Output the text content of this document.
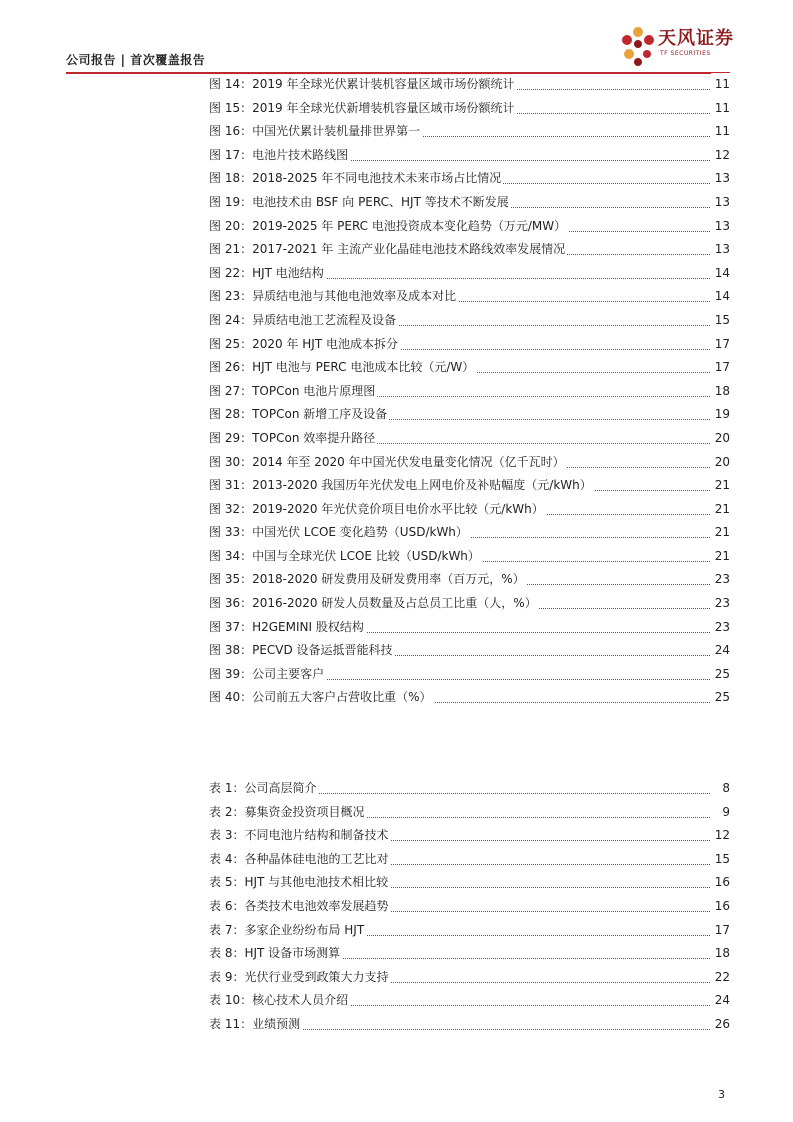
公司报告 | 首次覆盖报告
天风证券
TF SECURITIES
图 14：2019 年全球光伏累计装机容量区域市场份额统计	11
图 15：2019 年全球光伏新增装机容量区域市场份额统计	11
图 16：中国光伏累计装机量排世界第一	11
图 17：电池片技术路线图	12
图 18：2018-2025 年不同电池技术未来市场占比情况	13
图 19：电池技术由 BSF 向 PERC、HJT 等技术不断发展	13
图 20：2019-2025 年 PERC 电池投资成本变化趋势（万元/MW）	13
图 21：2017-2021 年 主流产业化晶硅电池技术路线效率发展情况	13
图 22：HJT 电池结构	14
图 23：异质结电池与其他电池效率及成本对比	14
图 24：异质结电池工艺流程及设备	15
图 25：2020 年 HJT 电池成本拆分	17
图 26：HJT 电池与 PERC 电池成本比较（元/W）	17
图 27：TOPCon 电池片原理图	18
图 28：TOPCon 新增工序及设备	19
图 29：TOPCon 效率提升路径	20
图 30：2014 年至 2020 年中国光伏发电量变化情况（亿千瓦时）	20
图 31：2013-2020 我国历年光伏发电上网电价及补贴幅度（元/kWh）	21
图 32：2019-2020 年光伏竞价项目电价水平比较（元/kWh）	21
图 33：中国光伏 LCOE 变化趋势（USD/kWh）	21
图 34：中国与全球光伏 LCOE 比较（USD/kWh）	21
图 35：2018-2020 研发费用及研发费用率（百万元，%）	23
图 36：2016-2020 研发人员数量及占总员工比重（人，%）	23
图 37：H2GEMINI 股权结构	23
图 38：PECVD 设备运抵晋能科技	24
图 39：公司主要客户	25
图 40：公司前五大客户占营收比重（%）	25
表 1：公司高层简介	8
表 2：募集资金投资项目概况	9
表 3：不同电池片结构和制备技术	12
表 4：各种晶体硅电池的工艺比对	15
表 5：HJT 与其他电池技术相比较	16
表 6：各类技术电池效率发展趋势	16
表 7：多家企业纷纷布局 HJT	17
表 8：HJT 设备市场测算	18
表 9：光伏行业受到政策大力支持	22
表 10：核心技术人员介绍	24
表 11：业绩预测	26
3
